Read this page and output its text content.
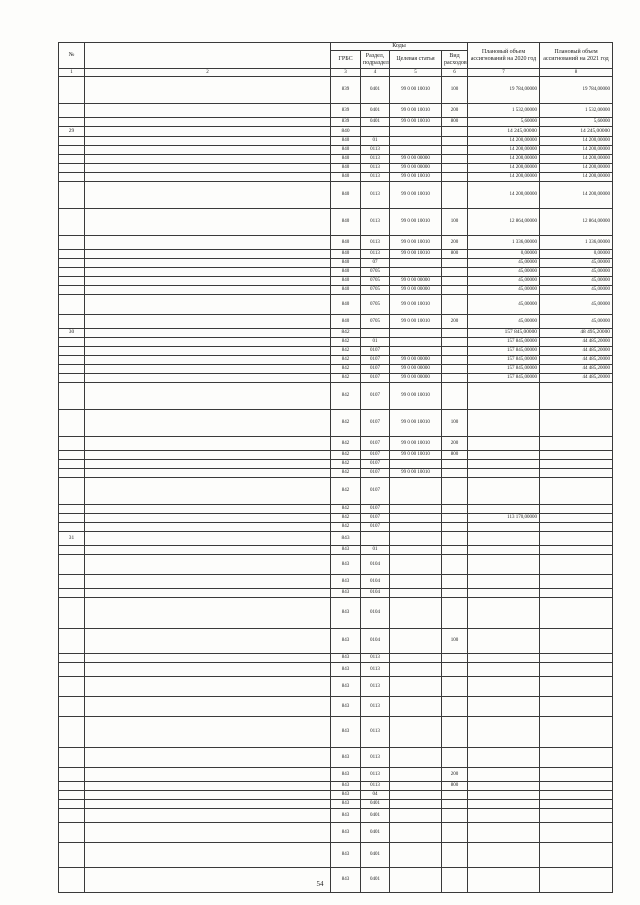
№		Коды				Плановый объем ассигнований на 2020 год	Плановый объем ассигнований на 2021 год
		ГРБС	Раздел, подраздел	Целевая статья	Вид расходов		
1	2	3	4	5	6	7	8
		839	0401	99 0 00 10010	100	19 784,00000	19 784,00000
		839	0401	99 0 00 10010	200	1 532,00000	1 532,00000
		839	0401	99 0 00 10010	800	5,60000	5,60000
29		840				14 245,00000	14 245,00000
		840	01			14 200,00000	14 200,00000
		840	0113			14 200,00000	14 200,00000
		840	0113	99 0 00 00000		14 200,00000	14 200,00000
		840	0113	99 0 00 00000		14 200,00000	14 200,00000
		840	0113	99 0 00 10010		14 200,00000	14 200,00000
		840	0113	99 0 00 10010		14 200,00000	14 200,00000
		840	0113	99 0 00 10010	100	12 864,00000	12 864,00000
		840	0113	99 0 00 10010	200	1 336,00000	1 336,00000
		840	0113	99 0 00 10010	800	0,00000	0,00000
		840	07			45,00000	45,00000
		840	0705			45,00000	45,00000
		840	0705	99 0 00 00000		45,00000	45,00000
		840	0705	99 0 00 00000		45,00000	45,00000
		840	0705	99 0 00 10010		45,00000	45,00000
		840	0705	99 0 00 10010	200	45,00000	45,00000
30		842				157 845,00000	48 495,20000
		842	01			157 845,00000	44 485,20000
		842	0107			157 845,00000	44 485,20000
		842	0107	99 0 00 00000		157 845,00000	44 485,20000
		842	0107	99 0 00 00000		157 845,00000	44 485,20000
		842	0107	99 0 00 00000		157 845,00000	44 485,20000
		842	0107	99 0 00 10010			
		842	0107	99 0 00 10010	100		
		842	0107	99 0 00 10010	200		
		842	0107	99 0 00 10010	800		
		842	0107				
		842	0107	99 0 00 10010			
		842	0107				
		842	0107				
		842	0107			113 170,00000	
		842	0107				
31		843					
		843	01				
		843	0104				
		843	0104				
		843	0104				
		843	0104				
		843	0104		100		
		843	0113				
		843	0113				
		843	0113				
		843	0113				
		843	0113				
		843	0113				
		843	0113		200		
		843	0113		800		
		843	04				
		843	0401				
		843	0401				
		843	0401				
		843	0401				
		843	0401				
54
